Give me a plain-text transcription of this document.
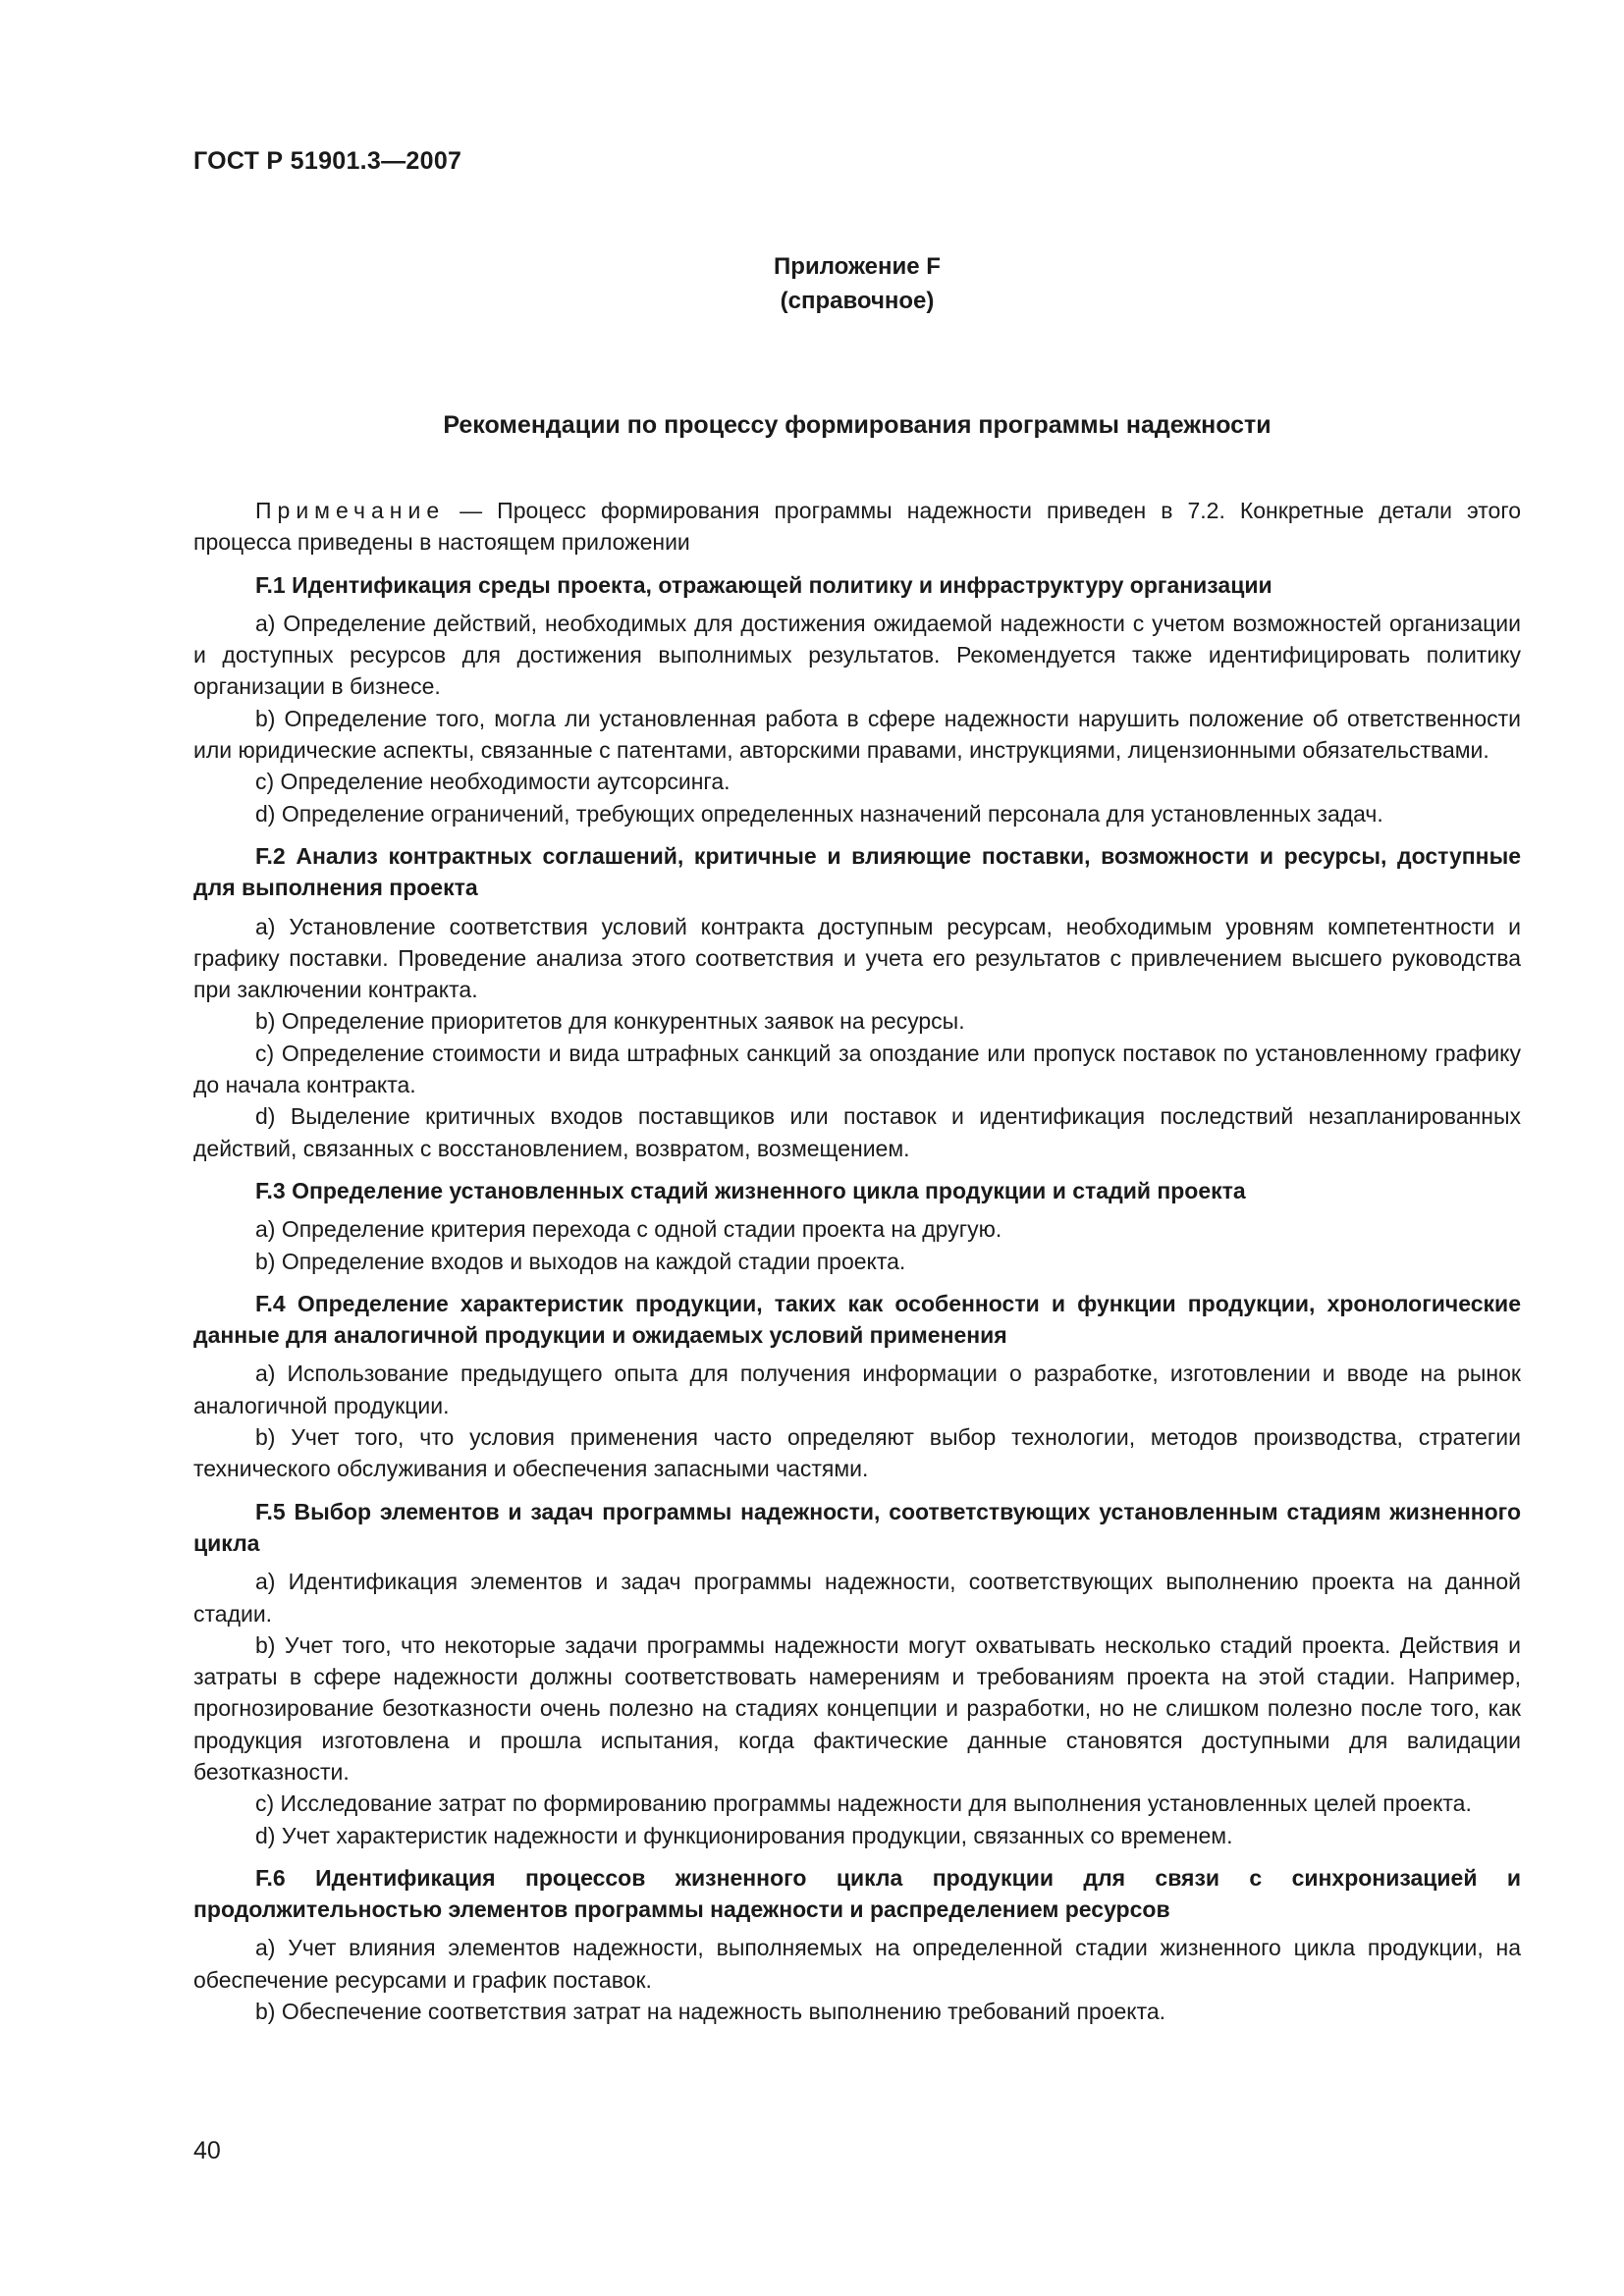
ГОСТ Р 51901.3—2007

Приложение F
(справочное)
Рекомендации по процессу формирования программы надежности

Примечание — Процесс формирования программы надежности приведен в 7.2. Конкретные детали этого процесса приведены в настоящем приложении

F.1 Идентификация среды проекта, отражающей политику и инфраструктуру организации

a) Определение действий, необходимых для достижения ожидаемой надежности с учетом возможностей организации и доступных ресурсов для достижения выполнимых результатов. Рекомендуется также идентифицировать политику организации в бизнесе.

b) Определение того, могла ли установленная работа в сфере надежности нарушить положение об ответственности или юридические аспекты, связанные с патентами, авторскими правами, инструкциями, лицензионными обязательствами.

c) Определение необходимости аутсорсинга.

d) Определение ограничений, требующих определенных назначений персонала для установленных задач.

F.2 Анализ контрактных соглашений, критичные и влияющие поставки, возможности и ресурсы, доступные для выполнения проекта

a) Установление соответствия условий контракта доступным ресурсам, необходимым уровням компетентности и графику поставки. Проведение анализа этого соответствия и учета его результатов с привлечением высшего руководства при заключении контракта.

b) Определение приоритетов для конкурентных заявок на ресурсы.

c) Определение стоимости и вида штрафных санкций за опоздание или пропуск поставок по установленному графику до начала контракта.

d) Выделение критичных входов поставщиков или поставок и идентификация последствий незапланированных действий, связанных с восстановлением, возвратом, возмещением.

F.3 Определение установленных стадий жизненного цикла продукции и стадий проекта

a) Определение критерия перехода с одной стадии проекта на другую.

b) Определение входов и выходов на каждой стадии проекта.

F.4 Определение характеристик продукции, таких как особенности и функции продукции, хронологические данные для аналогичной продукции и ожидаемых условий применения

a) Использование предыдущего опыта для получения информации о разработке, изготовлении и вводе на рынок аналогичной продукции.

b) Учет того, что условия применения часто определяют выбор технологии, методов производства, стратегии технического обслуживания и обеспечения запасными частями.

F.5 Выбор элементов и задач программы надежности, соответствующих установленным стадиям жизненного цикла

a) Идентификация элементов и задач программы надежности, соответствующих выполнению проекта на данной стадии.

b) Учет того, что некоторые задачи программы надежности могут охватывать несколько стадий проекта. Действия и затраты в сфере надежности должны соответствовать намерениям и требованиям проекта на этой стадии. Например, прогнозирование безотказности очень полезно на стадиях концепции и разработки, но не слишком полезно после того, как продукция изготовлена и прошла испытания, когда фактические данные становятся доступными для валидации безотказности.

c) Исследование затрат по формированию программы надежности для выполнения установленных целей проекта.

d) Учет характеристик надежности и функционирования продукции, связанных со временем.

F.6 Идентификация процессов жизненного цикла продукции для связи с синхронизацией и продолжительностью элементов программы надежности и распределением ресурсов

a) Учет влияния элементов надежности, выполняемых на определенной стадии жизненного цикла продукции, на обеспечение ресурсами и график поставок.

b) Обеспечение соответствия затрат на надежность выполнению требований проекта.

40
